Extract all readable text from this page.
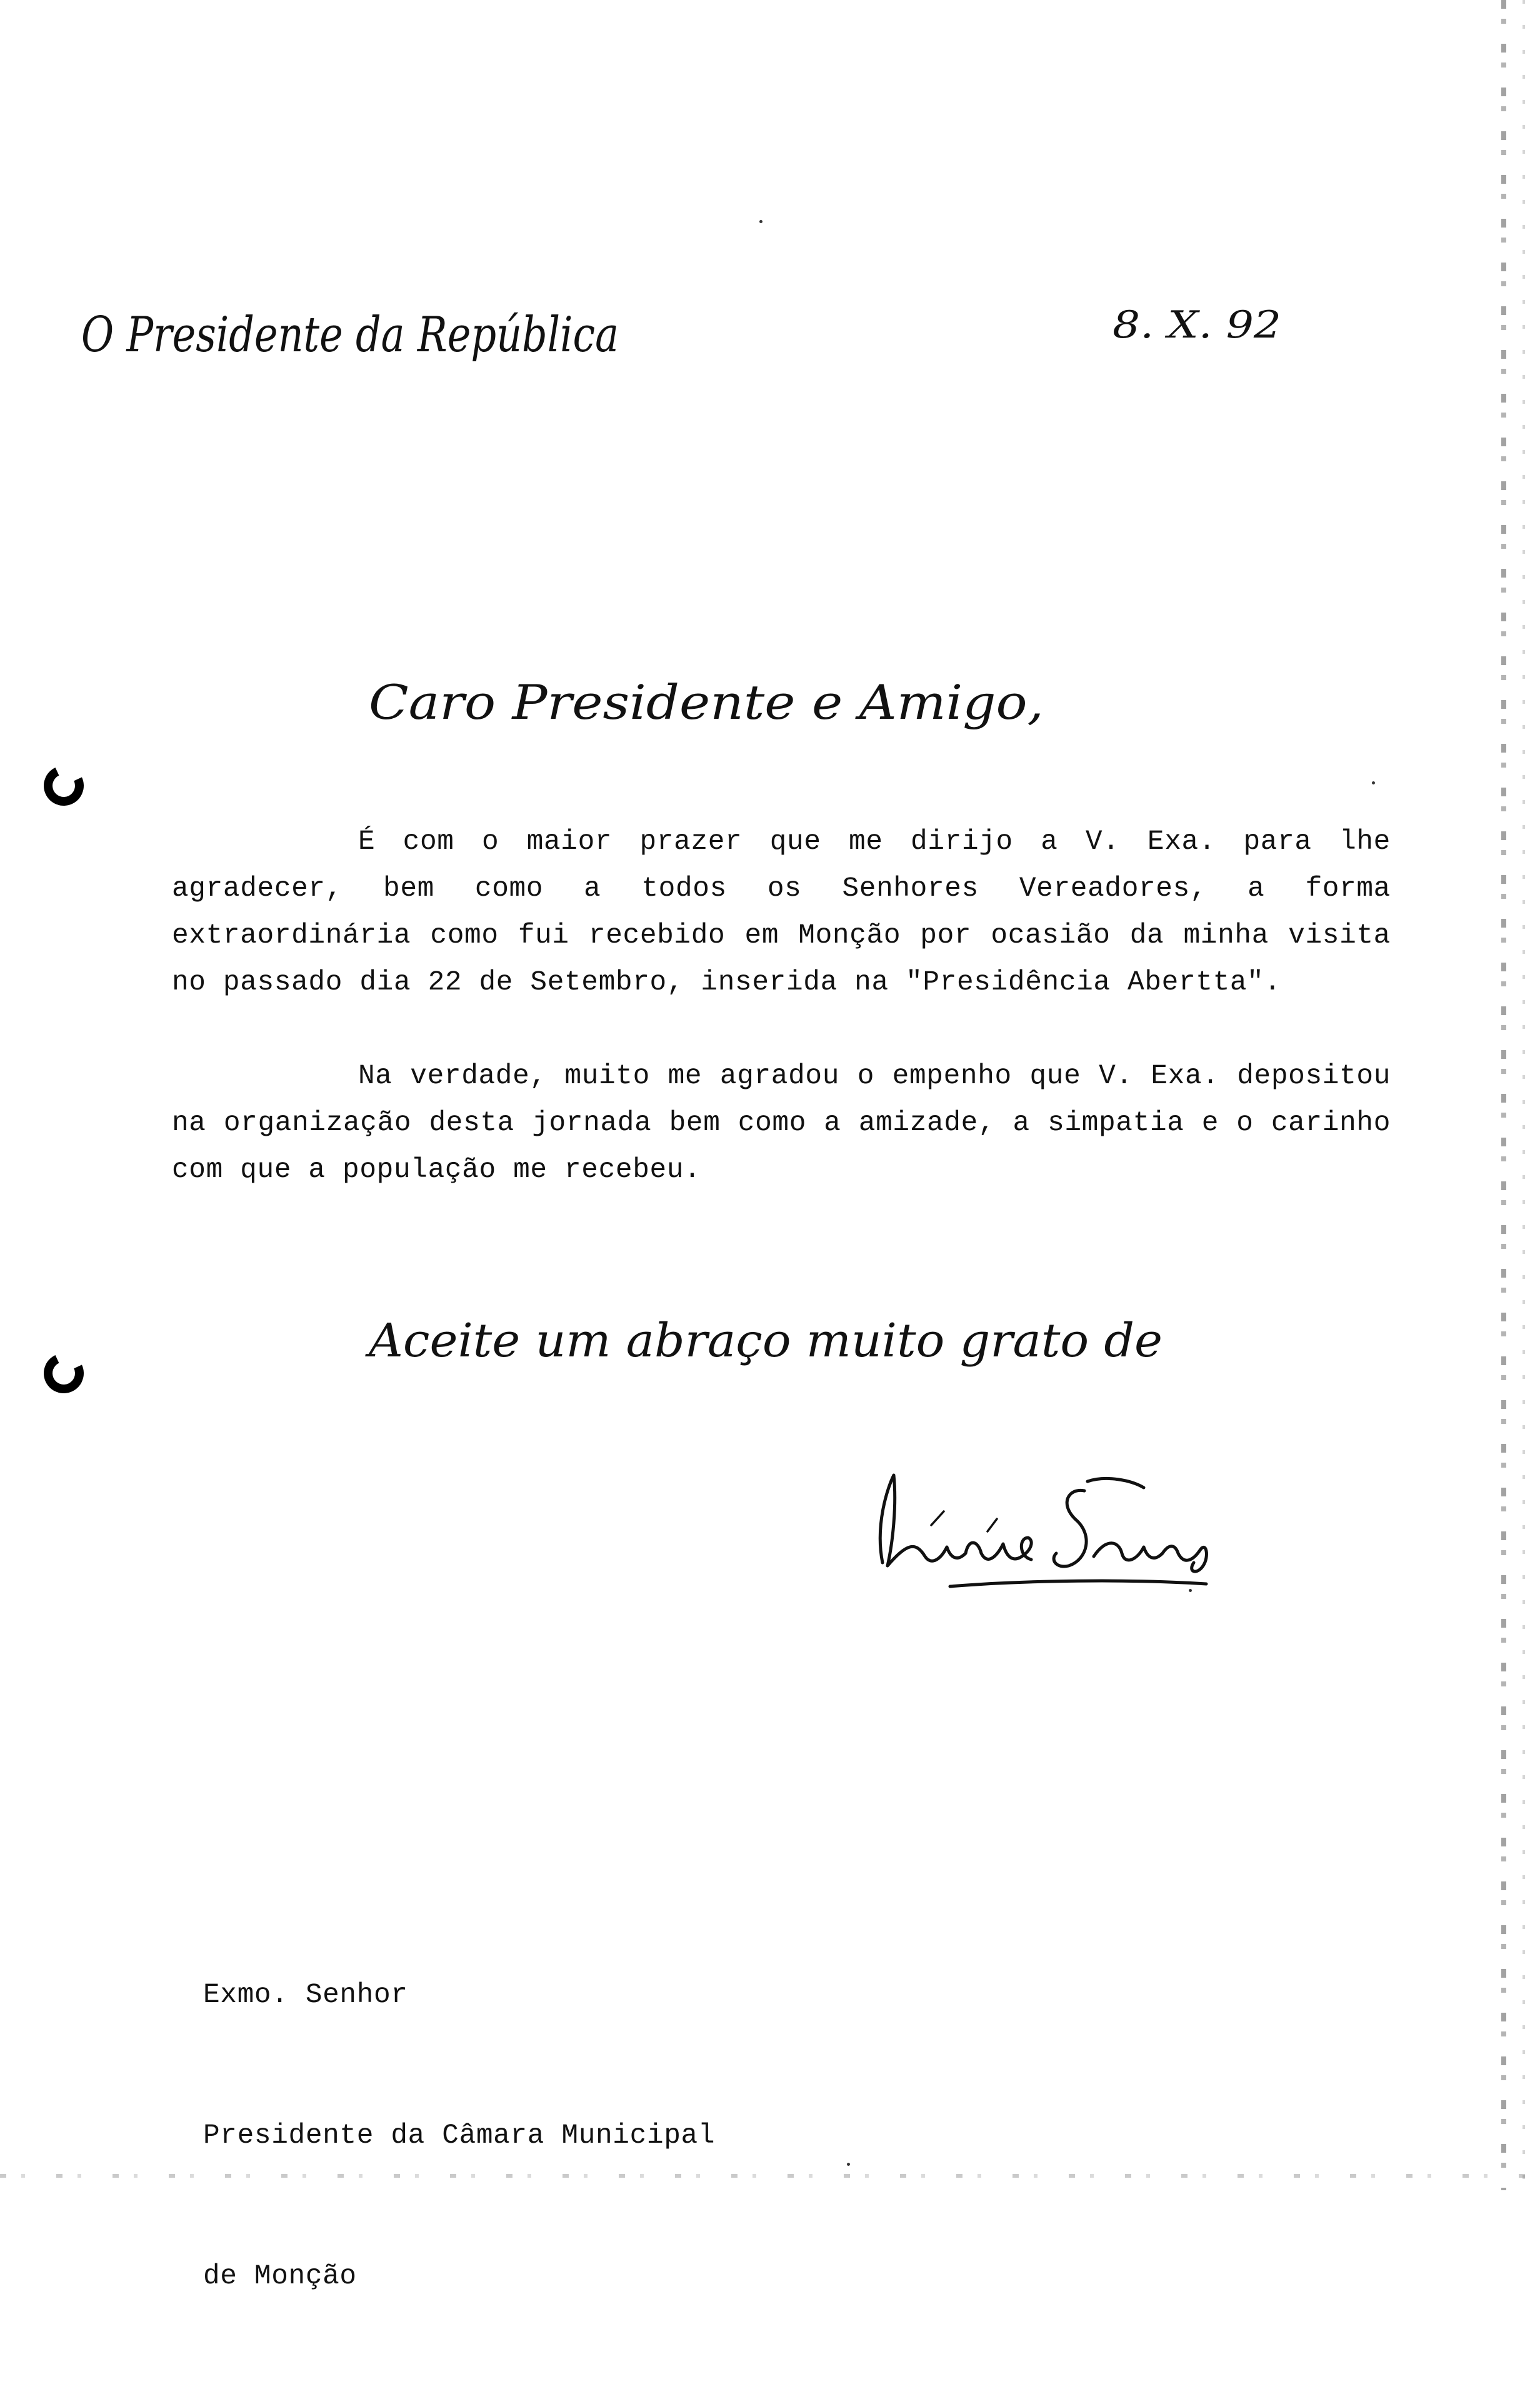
O Presidente da República	8. X. 92
Caro Presidente e Amigo,

É com o maior prazer que me dirijo a V. Exa. para lhe agradecer, bem como a todos os Senhores Vereadores, a forma extraordinária como fui recebido em Monção por ocasião da minha visita no passado dia 22 de Setembro, inserida na "Presidência Abertta".

Na verdade, muito me agradou o empenho que V. Exa. depositou na organização desta jornada bem como a amizade, a simpatia e o carinho com que a população me recebeu.

Aceite um abraço muito grato de

Exmo. Senhor

Presidente da Câmara Municipal

de Monção
